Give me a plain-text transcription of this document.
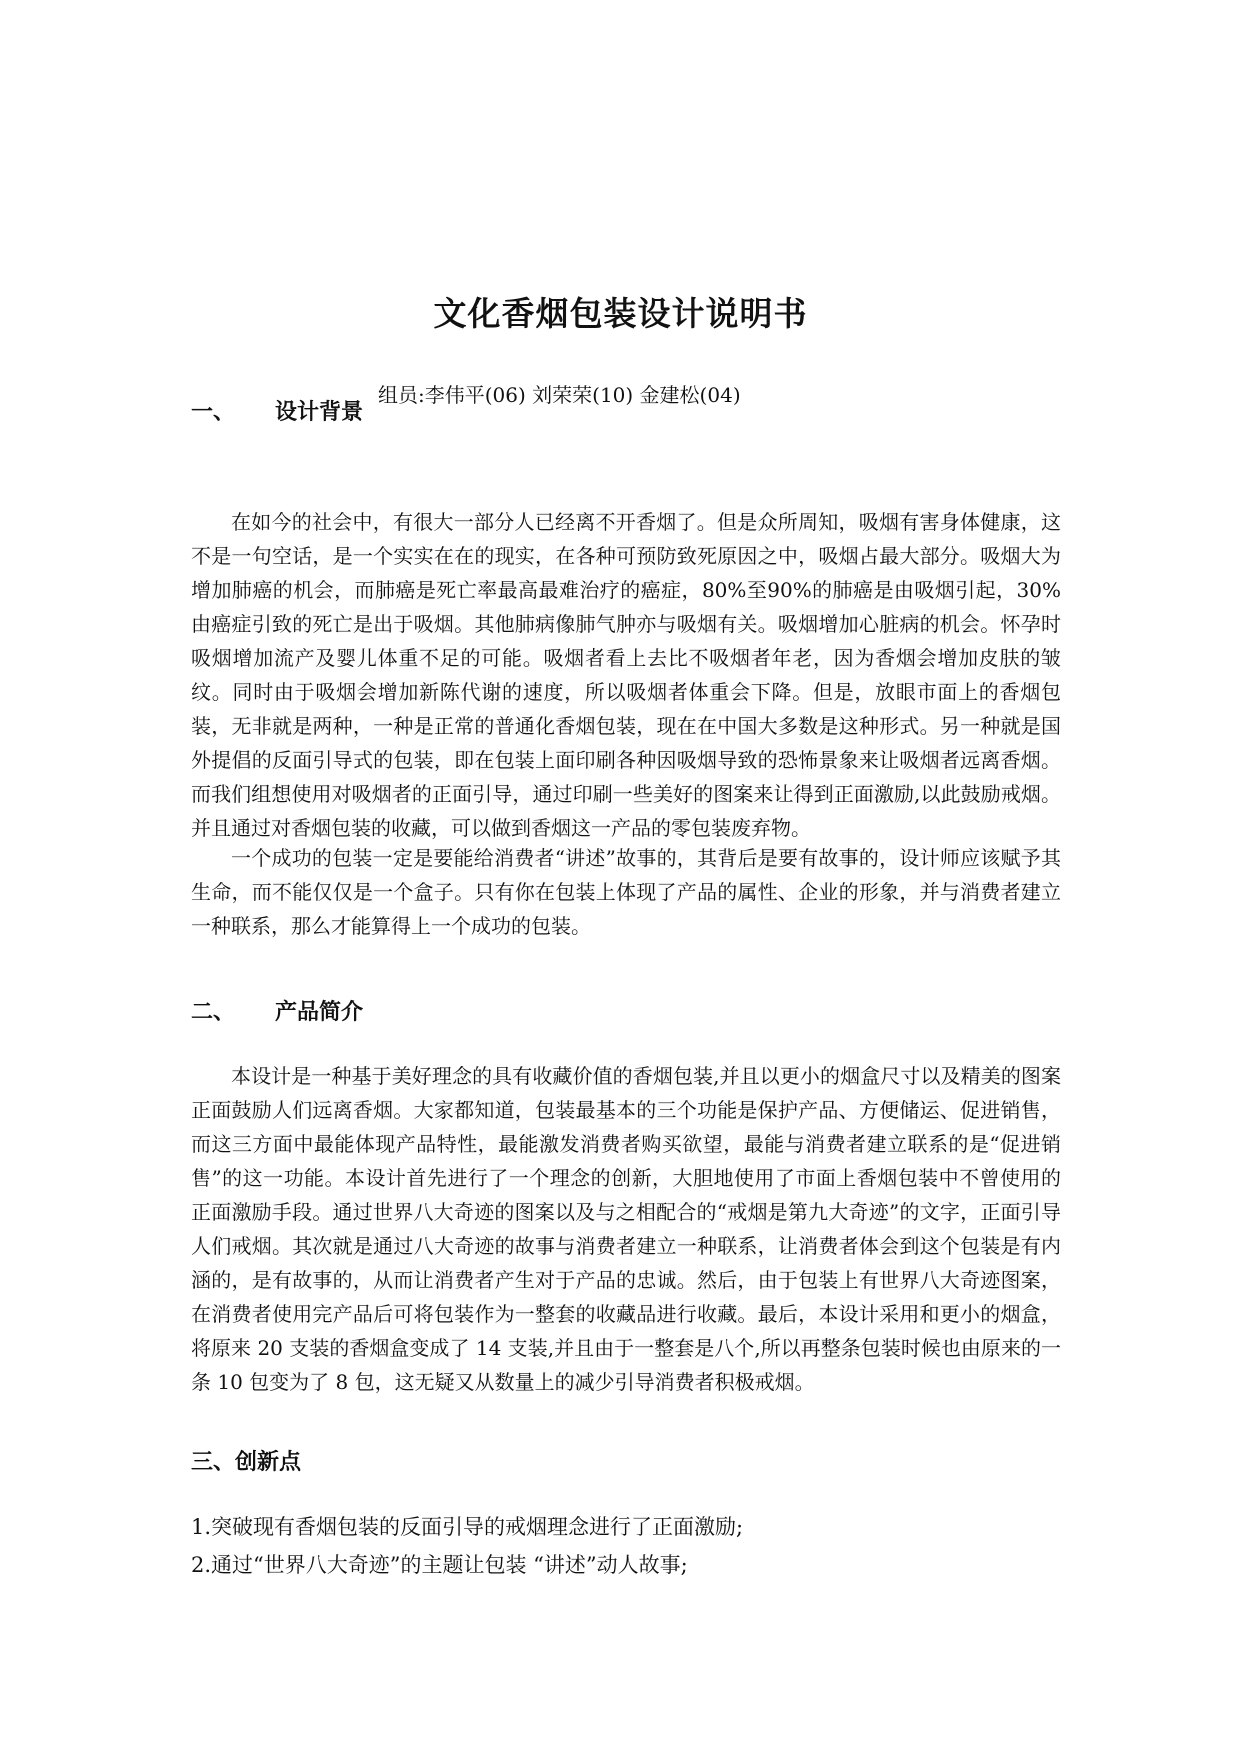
文化香烟包装设计说明书
组员:李伟平(06) 刘荣荣(10) 金建松(04)
一、 设计背景

在如今的社会中，有很大一部分人已经离不开香烟了。但是众所周知，吸烟有害身体健康，这不是一句空话，是一个实实在在的现实，在各种可预防致死原因之中，吸烟占最大部分。吸烟大为增加肺癌的机会，而肺癌是死亡率最高最难治疗的癌症，80%至90%的肺癌是由吸烟引起，30%由癌症引致的死亡是出于吸烟。其他肺病像肺气肿亦与吸烟有关。吸烟增加心脏病的机会。怀孕时吸烟增加流产及婴儿体重不足的可能。吸烟者看上去比不吸烟者年老，因为香烟会增加皮肤的皱纹。同时由于吸烟会增加新陈代谢的速度，所以吸烟者体重会下降。但是，放眼市面上的香烟包装，无非就是两种，一种是正常的普通化香烟包装，现在在中国大多数是这种形式。另一种就是国外提倡的反面引导式的包装，即在包装上面印刷各种因吸烟导致的恐怖景象来让吸烟者远离香烟。而我们组想使用对吸烟者的正面引导，通过印刷一些美好的图案来让得到正面激励,以此鼓励戒烟。并且通过对香烟包装的收藏，可以做到香烟这一产品的零包装废弃物。

一个成功的包装一定是要能给消费者“讲述”故事的，其背后是要有故事的，设计师应该赋予其生命，而不能仅仅是一个盒子。只有你在包装上体现了产品的属性、企业的形象，并与消费者建立一种联系，那么才能算得上一个成功的包装。

二、 产品简介

本设计是一种基于美好理念的具有收藏价值的香烟包装,并且以更小的烟盒尺寸以及精美的图案正面鼓励人们远离香烟。大家都知道，包装最基本的三个功能是保护产品、方便储运、促进销售，而这三方面中最能体现产品特性，最能激发消费者购买欲望，最能与消费者建立联系的是“促进销售”的这一功能。本设计首先进行了一个理念的创新，大胆地使用了市面上香烟包装中不曾使用的正面激励手段。通过世界八大奇迹的图案以及与之相配合的“戒烟是第九大奇迹”的文字，正面引导人们戒烟。其次就是通过八大奇迹的故事与消费者建立一种联系，让消费者体会到这个包装是有内涵的，是有故事的，从而让消费者产生对于产品的忠诚。然后，由于包装上有世界八大奇迹图案，在消费者使用完产品后可将包装作为一整套的收藏品进行收藏。最后，本设计采用和更小的烟盒，将原来 20 支装的香烟盒变成了 14 支装,并且由于一整套是八个,所以再整条包装时候也由原来的一条 10 包变为了 8 包，这无疑又从数量上的减少引导消费者积极戒烟。

三、创新点
1.突破现有香烟包装的反面引导的戒烟理念进行了正面激励;
2.通过“世界八大奇迹”的主题让包装 “讲述”动人故事;
